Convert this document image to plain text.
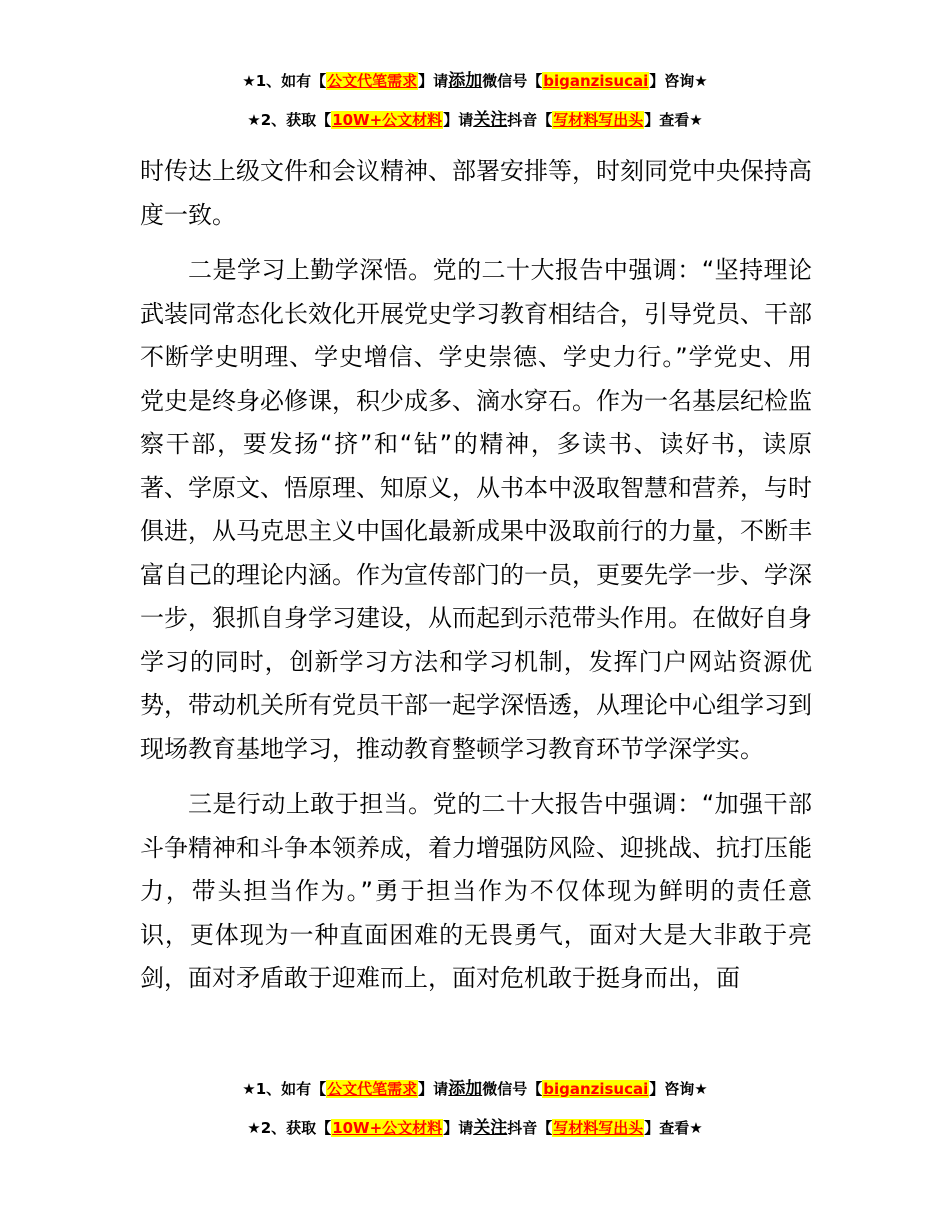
★1、如有【公文代笔需求】请添加微信号【biganzisucai】咨询★
★2、获取【10W+公文材料】请关注抖音【写材料写出头】查看★

时传达上级文件和会议精神、部署安排等，时刻同党中央保持高度一致。

二是学习上勤学深悟。党的二十大报告中强调：“坚持理论武装同常态化长效化开展党史学习教育相结合，引导党员、干部不断学史明理、学史增信、学史崇德、学史力行。”学党史、用党史是终身必修课，积少成多、滴水穿石。作为一名基层纪检监察干部，要发扬“挤”和“钻”的精神，多读书、读好书，读原著、学原文、悟原理、知原义，从书本中汲取智慧和营养，与时俱进，从马克思主义中国化最新成果中汲取前行的力量，不断丰富自己的理论内涵。作为宣传部门的一员，更要先学一步、学深一步，狠抓自身学习建设，从而起到示范带头作用。在做好自身学习的同时，创新学习方法和学习机制，发挥门户网站资源优势，带动机关所有党员干部一起学深悟透，从理论中心组学习到现场教育基地学习，推动教育整顿学习教育环节学深学实。

三是行动上敢于担当。党的二十大报告中强调：“加强干部斗争精神和斗争本领养成，着力增强防风险、迎挑战、抗打压能力，带头担当作为。”勇于担当作为不仅体现为鲜明的责任意识，更体现为一种直面困难的无畏勇气，面对大是大非敢于亮剑，面对矛盾敢于迎难而上，面对危机敢于挺身而出，面

★1、如有【公文代笔需求】请添加微信号【biganzisucai】咨询★
★2、获取【10W+公文材料】请关注抖音【写材料写出头】查看★
